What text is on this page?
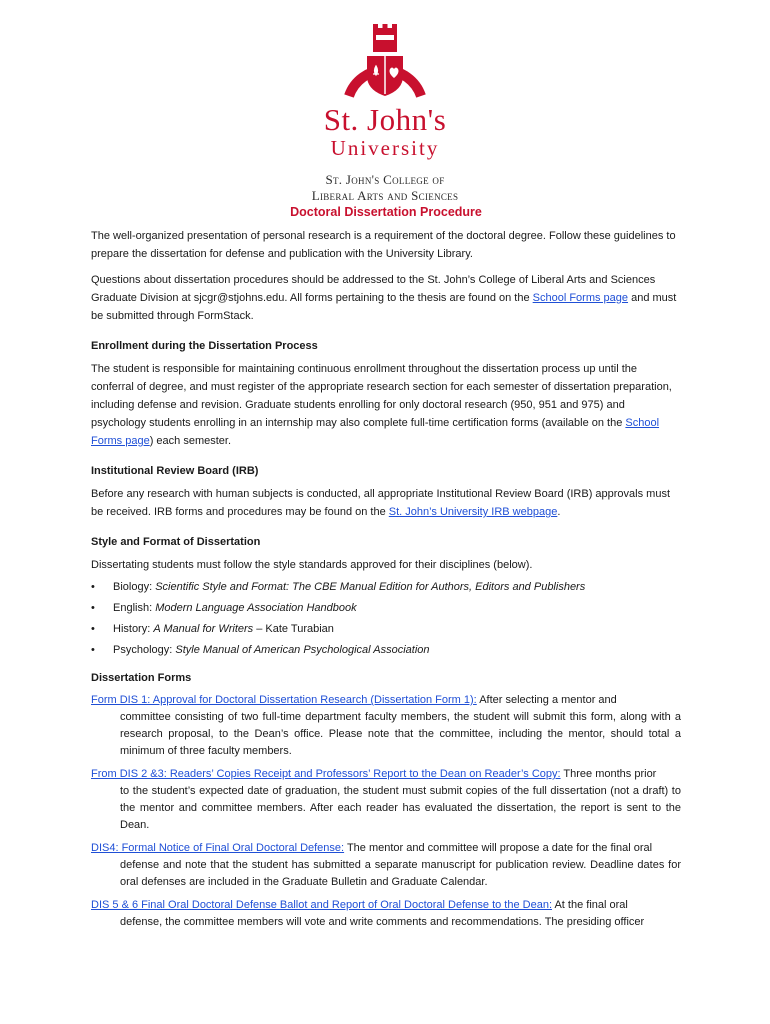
St. John's
University
St. John's College of
Liberal Arts and Sciences
Doctoral Dissertation Procedure

The well-organized presentation of personal research is a requirement of the doctoral degree. Follow these guidelines to prepare the dissertation for defense and publication with the University Library.

Questions about dissertation procedures should be addressed to the St. John’s College of Liberal Arts and Sciences Graduate Division at sjcgr@stjohns.edu. All forms pertaining to the thesis are found on the School Forms page and must be submitted through FormStack.

Enrollment during the Dissertation Process

The student is responsible for maintaining continuous enrollment throughout the dissertation process up until the conferral of degree, and must register of the appropriate research section for each semester of dissertation preparation, including defense and revision. Graduate students enrolling for only doctoral research (950, 951 and 975) and psychology students enrolling in an internship may also complete full-time certification forms (available on the School Forms page) each semester.

Institutional Review Board (IRB)

Before any research with human subjects is conducted, all appropriate Institutional Review Board (IRB) approvals must be received. IRB forms and procedures may be found on the St. John’s University IRB webpage.

Style and Format of Dissertation

Dissertating students must follow the style standards approved for their disciplines (below).

• Biology: Scientific Style and Format: The CBE Manual Edition for Authors, Editors and Publishers
• English: Modern Language Association Handbook
• History: A Manual for Writers – Kate Turabian
• Psychology: Style Manual of American Psychological Association
Dissertation Forms
Form DIS 1: Approval for Doctoral Dissertation Research (Dissertation Form 1): After selecting a mentor and
committee consisting of two full-time department faculty members, the student will submit this form, along with a research proposal, to the Dean’s office. Please note that the committee, including the mentor, should total a minimum of three faculty members.
From DIS 2 &3: Readers’ Copies Receipt and Professors’ Report to the Dean on Reader’s Copy: Three months prior
to the student’s expected date of graduation, the student must submit copies of the full dissertation (not a draft) to the mentor and committee members. After each reader has evaluated the dissertation, the report is sent to the Dean.
DIS4: Formal Notice of Final Oral Doctoral Defense: The mentor and committee will propose a date for the final oral
defense and note that the student has submitted a separate manuscript for publication review. Deadline dates for oral defenses are included in the Graduate Bulletin and Graduate Calendar.
DIS 5 & 6 Final Oral Doctoral Defense Ballot and Report of Oral Doctoral Defense to the Dean: At the final oral
defense, the committee members will vote and write comments and recommendations. The presiding officer
